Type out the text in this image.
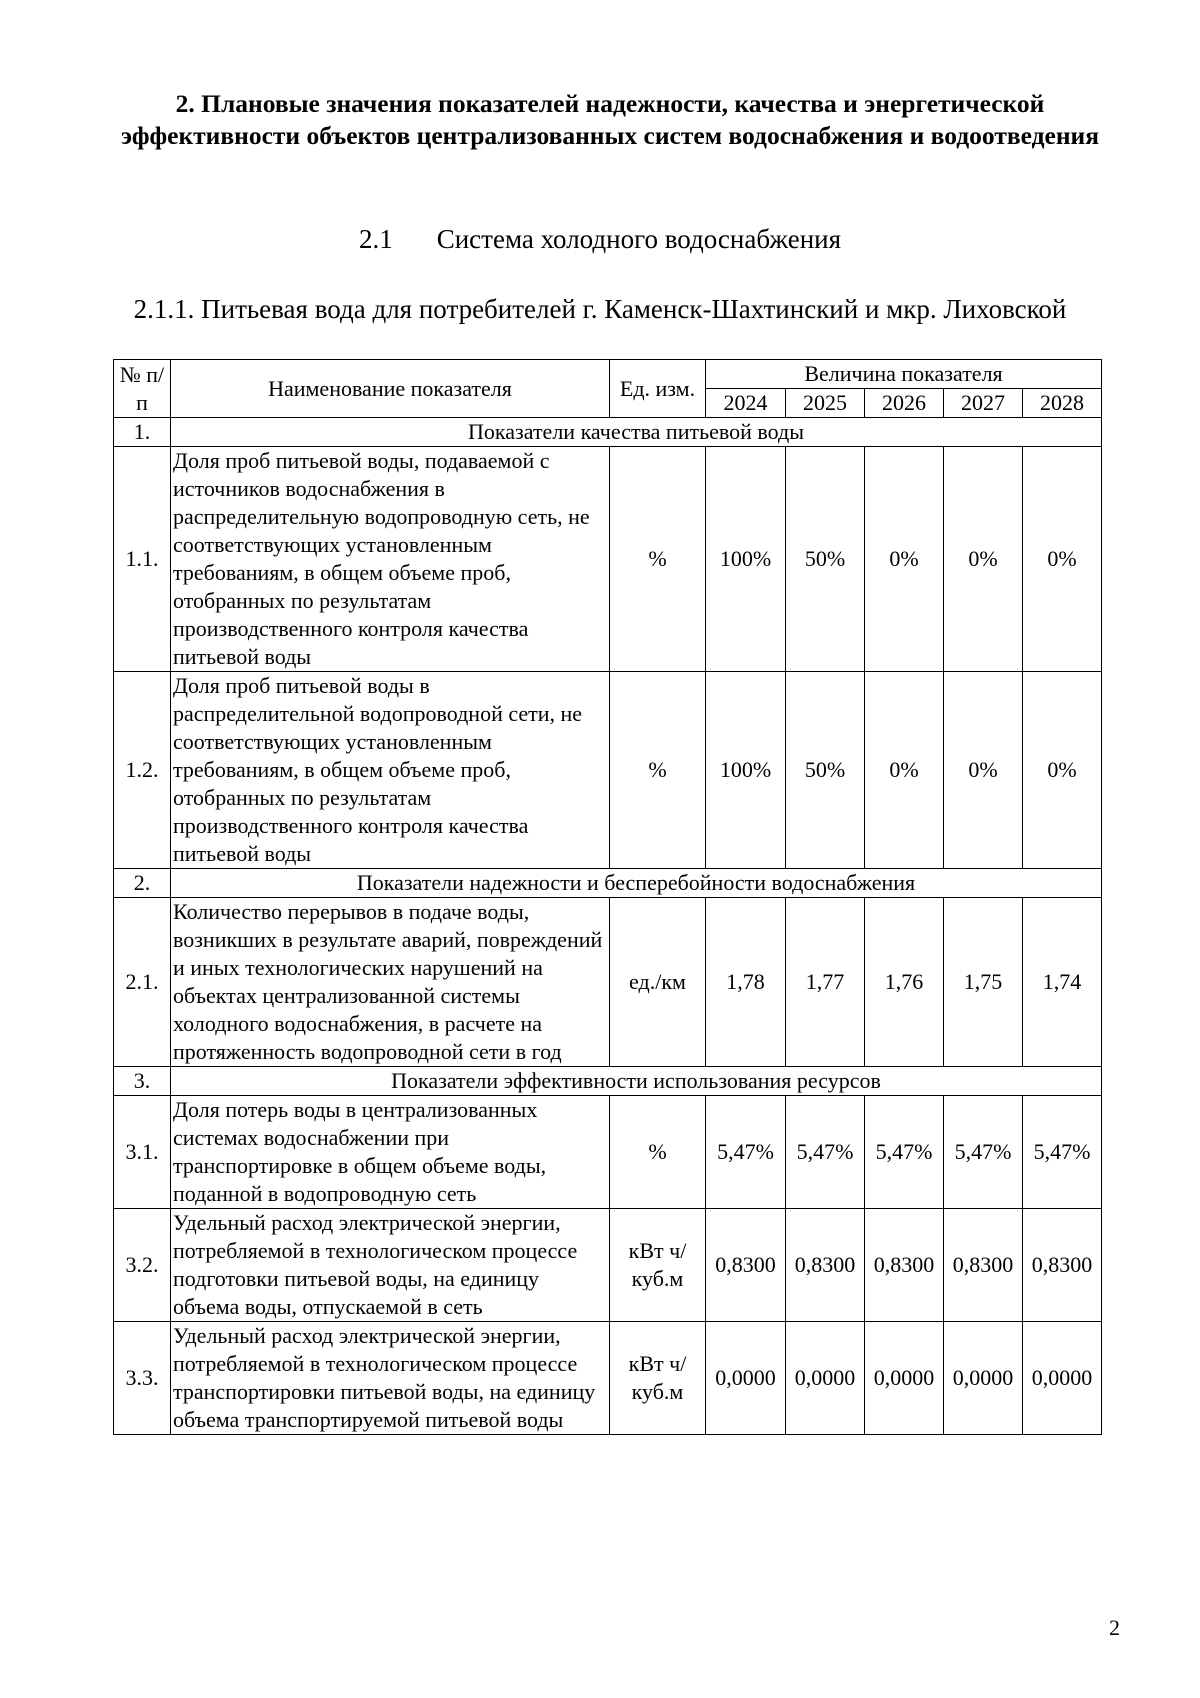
2. Плановые значения показателей надежности, качества и энергетической эффективности объектов централизованных систем водоснабжения и водоотведения
2.1 Система холодного водоснабжения
2.1.1. Питьевая вода для потребителей г. Каменск-Шахтинский и мкр. Лиховской
№ п/п	Наименование показателя	Ед. изм.	Величина показателя				
			2024	2025	2026	2027	2028
1.	Показатели качества питьевой воды						
1.1.	Доля проб питьевой воды, подаваемой с источников водоснабжения в распределительную водопроводную сеть, не соответствующих установленным требованиям, в общем объеме проб, отобранных по результатам производственного контроля качества питьевой воды	%	100%	50%	0%	0%	0%
1.2.	Доля проб питьевой воды в распределительной водопроводной сети, не соответствующих установленным требованиям, в общем объеме проб, отобранных по результатам производственного контроля качества питьевой воды	%	100%	50%	0%	0%	0%
2.	Показатели надежности и бесперебойности водоснабжения						
2.1.	Количество перерывов в подаче воды, возникших в результате аварий, повреждений и иных технологических нарушений на объектах централизованной системы холодного водоснабжения, в расчете на протяженность водопроводной сети в год	ед./км	1,78	1,77	1,76	1,75	1,74
3.	Показатели эффективности использования ресурсов						
3.1.	Доля потерь воды в централизованных системах водоснабжении при транспортировке в общем объеме воды, поданной в водопроводную сеть	%	5,47%	5,47%	5,47%	5,47%	5,47%
3.2.	Удельный расход электрической энергии, потребляемой в технологическом процессе подготовки питьевой воды, на единицу объема воды, отпускаемой в сеть	кВт ч/куб.м	0,8300	0,8300	0,8300	0,8300	0,8300
3.3.	Удельный расход электрической энергии, потребляемой в технологическом процессе транспортировки питьевой воды, на единицу объема транспортируемой питьевой воды	кВт ч/куб.м	0,0000	0,0000	0,0000	0,0000	0,0000
2
